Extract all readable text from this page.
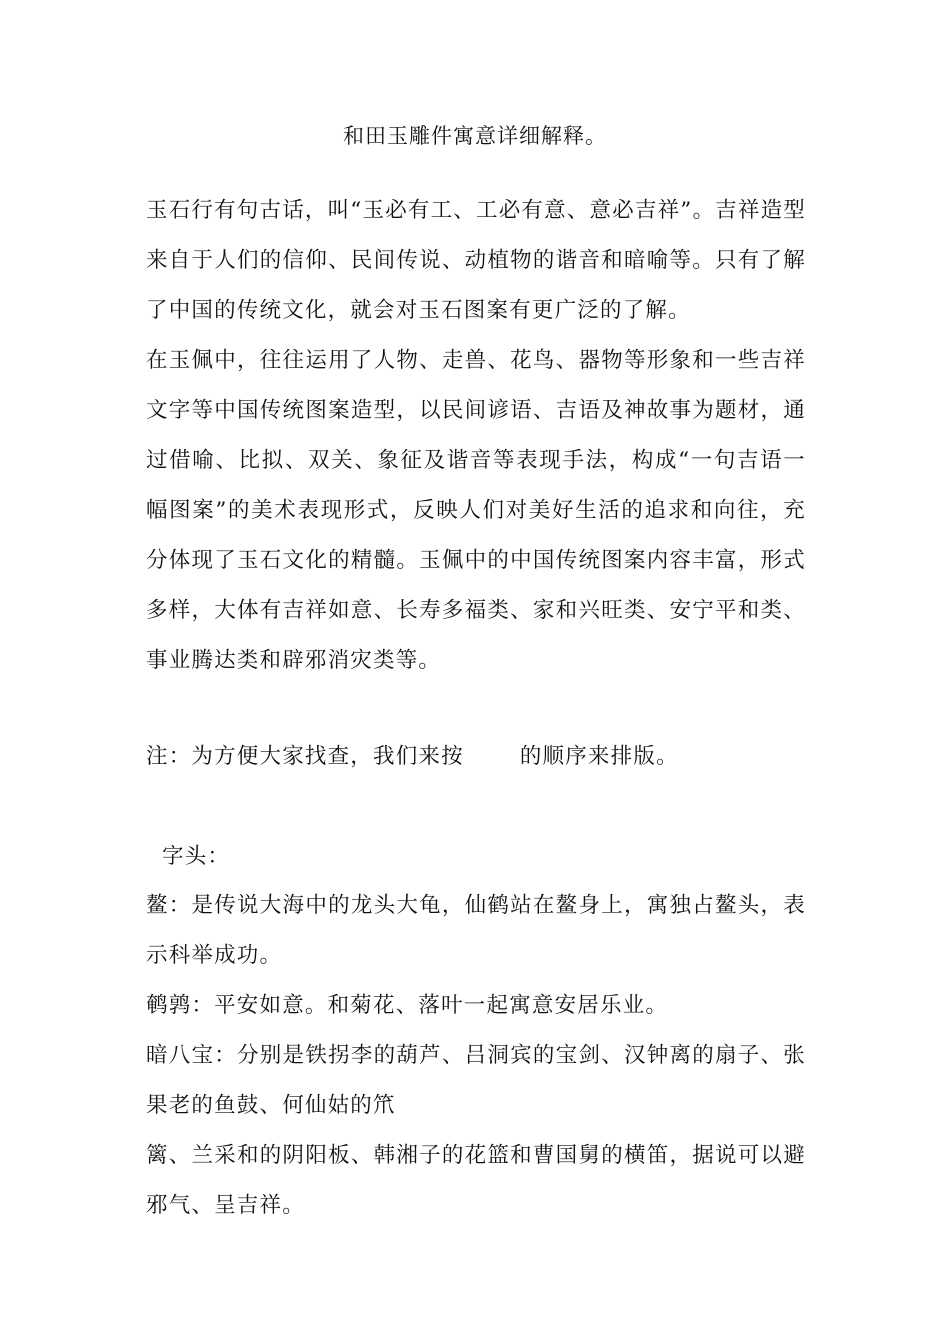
和田玉雕件寓意详细解释。
玉石行有句古话，叫“玉必有工、工必有意、意必吉祥”。吉祥造型来自于人们的信仰、民间传说、动植物的谐音和暗喻等。只有了解了中国的传统文化，就会对玉石图案有更广泛的了解。
在玉佩中，往往运用了人物、走兽、花鸟、器物等形象和一些吉祥文字等中国传统图案造型，以民间谚语、吉语及神故事为题材，通过借喻、比拟、双关、象征及谐音等表现手法，构成“一句吉语一幅图案”的美术表现形式，反映人们对美好生活的追求和向往，充分体现了玉石文化的精髓。玉佩中的中国传统图案内容丰富，形式多样，大体有吉祥如意、长寿多福类、家和兴旺类、安宁平和类、事业腾达类和辟邪消灾类等。
注：为方便大家找查，我们来按	的顺序来排版。
字头：

鳌：是传说大海中的龙头大龟，仙鹤站在鳌身上，寓独占鳌头，表示科举成功。

鹌鹑：平安如意。和菊花、落叶一起寓意安居乐业。

暗八宝：分别是铁拐李的葫芦、吕洞宾的宝剑、汉钟离的扇子、张果老的鱼鼓、何仙姑的笊

篱、兰采和的阴阳板、韩湘子的花篮和曹国舅的横笛，据说可以避邪气、呈吉祥。
